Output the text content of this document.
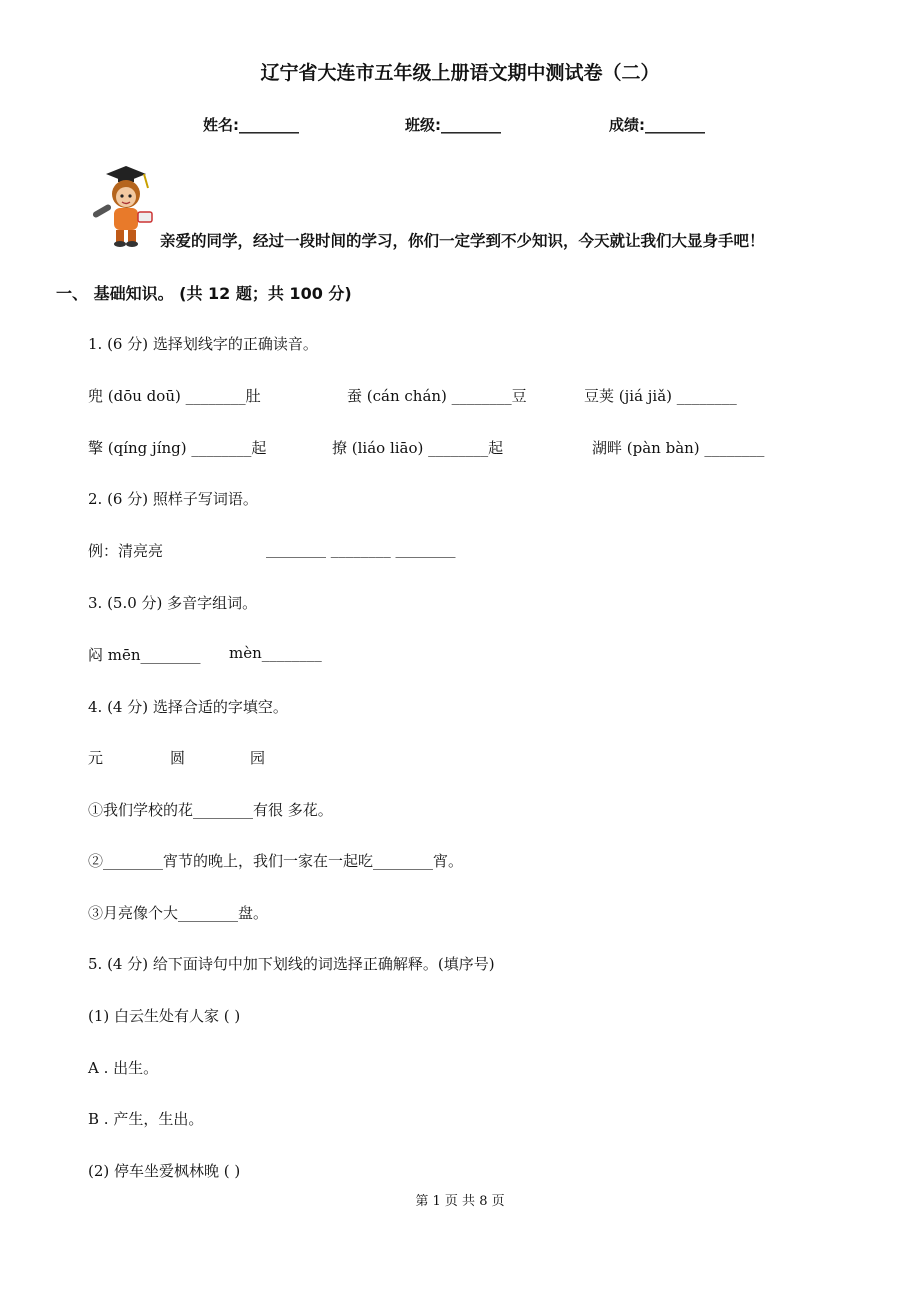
辽宁省大连市五年级上册语文期中测试卷（二）
姓名:________	班级:________	成绩:________
亲爱的同学，经过一段时间的学习，你们一定学到不少知识，今天就让我们大显身手吧！
一、 基础知识。 (共 12 题；共 100 分)
1. (6 分) 选择划线字的正确读音。
兜 (dōu doū) ________肚	蚕 (cán chán) ________豆	豆荚 (jiá jiǎ) ________
擎 (qíng jíng) ________起	撩 (liáo liāo) ________起	湖畔 (pàn bàn) ________
2. (6 分) 照样子写词语。
例：清亮亮	________ ________ ________
3. (5.0 分) 多音字组词。
闷 mēn________ mèn________
4. (4 分) 选择合适的字填空。
元	圆	园
①我们学校的花________有很 多花。
②________宵节的晚上，我们一家在一起吃________宵。
③月亮像个大________盘。
5. (4 分) 给下面诗句中加下划线的词选择正确解释。(填序号)
(1) 白云生处有人家 ( )
A . 出生。
B . 产生，生出。
(2) 停车坐爱枫林晚 ( )
第 1 页 共 8 页
